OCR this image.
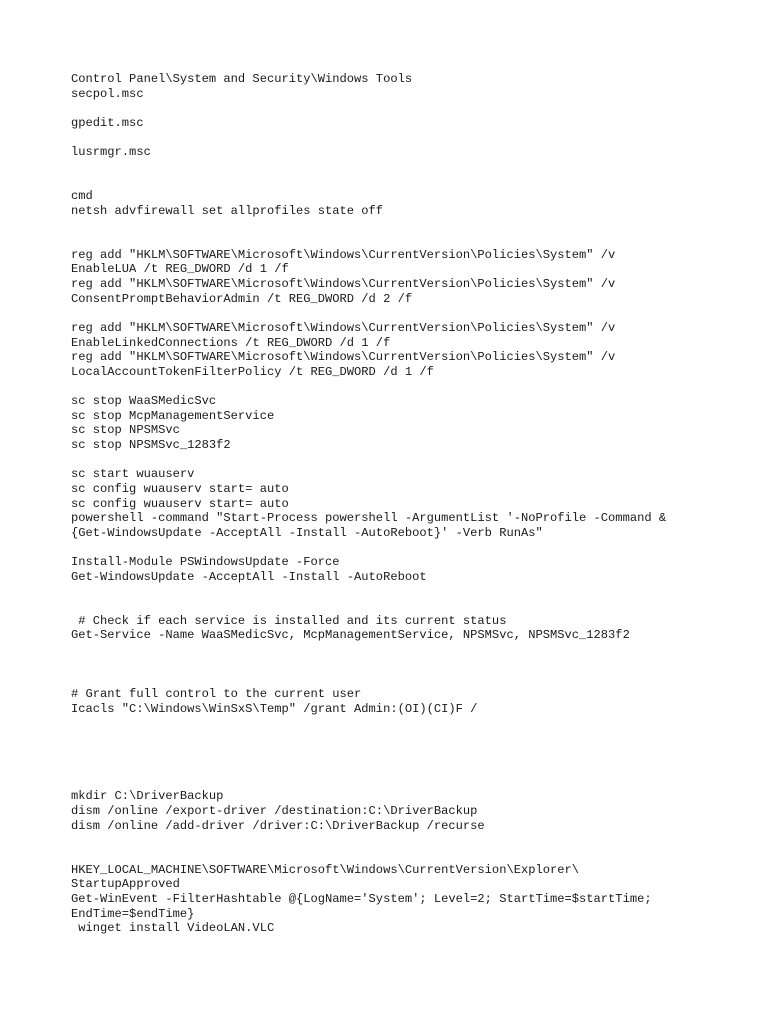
Control Panel\System and Security\Windows Tools
secpol.msc
gpedit.msc
lusrmgr.msc
cmd
netsh advfirewall set allprofiles state off
reg add "HKLM\SOFTWARE\Microsoft\Windows\CurrentVersion\Policies\System" /v
EnableLUA /t REG_DWORD /d 1 /f
reg add "HKLM\SOFTWARE\Microsoft\Windows\CurrentVersion\Policies\System" /v
ConsentPromptBehaviorAdmin /t REG_DWORD /d 2 /f
reg add "HKLM\SOFTWARE\Microsoft\Windows\CurrentVersion\Policies\System" /v
EnableLinkedConnections /t REG_DWORD /d 1 /f
reg add "HKLM\SOFTWARE\Microsoft\Windows\CurrentVersion\Policies\System" /v
LocalAccountTokenFilterPolicy /t REG_DWORD /d 1 /f
sc stop WaaSMedicSvc
sc stop McpManagementService
sc stop NPSMSvc
sc stop NPSMSvc_1283f2
sc start wuauserv
sc config wuauserv start= auto
sc config wuauserv start= auto
powershell -command "Start-Process powershell -ArgumentList '-NoProfile -Command &
{Get-WindowsUpdate -AcceptAll -Install -AutoReboot}' -Verb RunAs"
Install-Module PSWindowsUpdate -Force
Get-WindowsUpdate -AcceptAll -Install -AutoReboot
# Check if each service is installed and its current status
Get-Service -Name WaaSMedicSvc, McpManagementService, NPSMSvc, NPSMSvc_1283f2
# Grant full control to the current user
Icacls "C:\Windows\WinSxS\Temp" /grant Admin:(OI)(CI)F /
mkdir C:\DriverBackup
dism /online /export-driver /destination:C:\DriverBackup
dism /online /add-driver /driver:C:\DriverBackup /recurse
HKEY_LOCAL_MACHINE\SOFTWARE\Microsoft\Windows\CurrentVersion\Explorer\
StartupApproved
Get-WinEvent -FilterHashtable @{LogName='System'; Level=2; StartTime=$startTime;
EndTime=$endTime}
winget install VideoLAN.VLC
